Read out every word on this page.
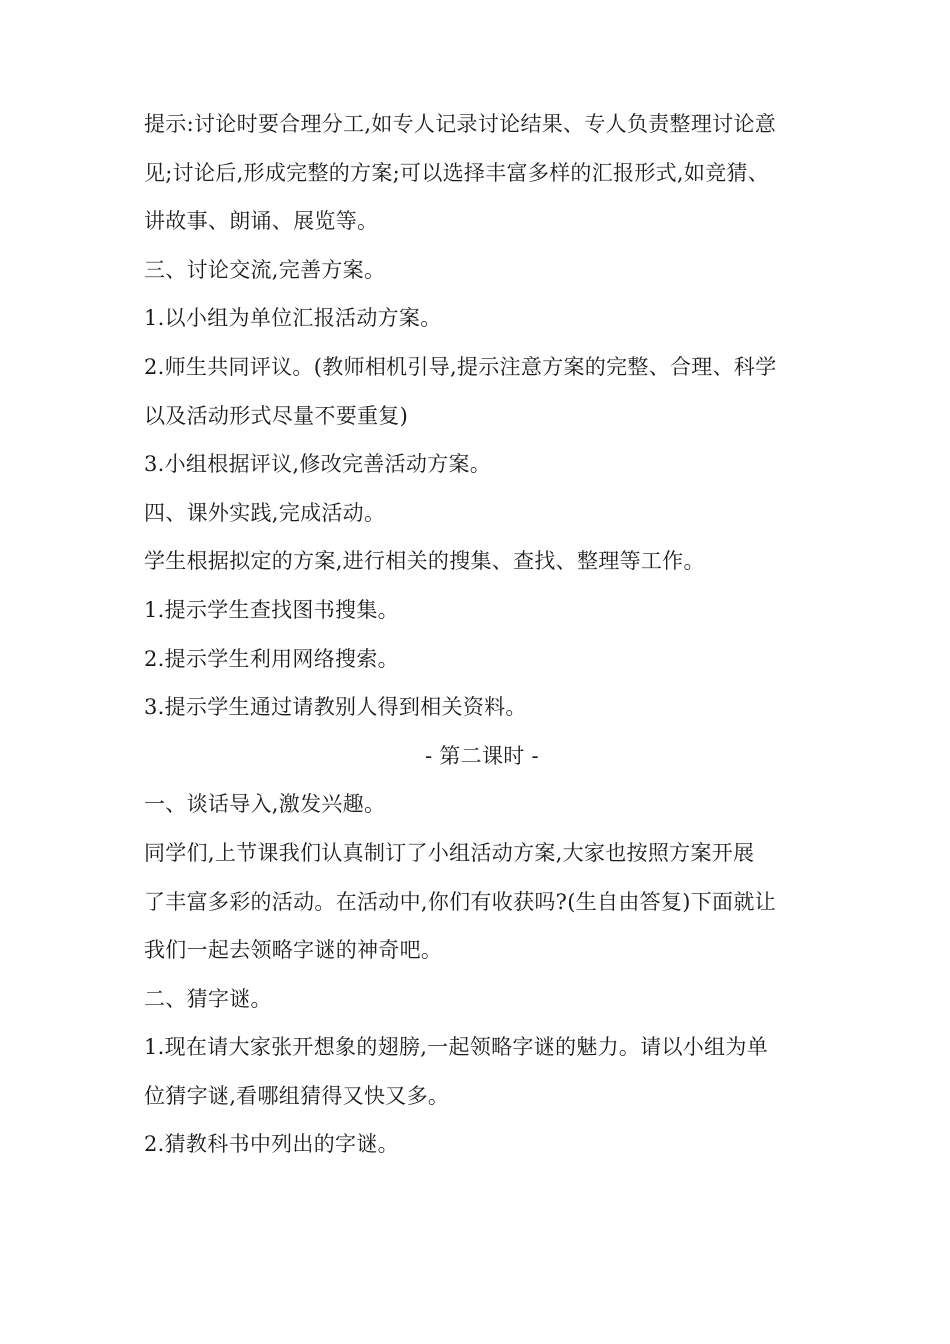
提示:讨论时要合理分工,如专人记录讨论结果、专人负责整理讨论意
见;讨论后,形成完整的方案;可以选择丰富多样的汇报形式,如竞猜、
讲故事、朗诵、展览等。
三、讨论交流,完善方案。
1.以小组为单位汇报活动方案。
2.师生共同评议。(教师相机引导,提示注意方案的完整、合理、科学
以及活动形式尽量不要重复)
3.小组根据评议,修改完善活动方案。
四、课外实践,完成活动。
学生根据拟定的方案,进行相关的搜集、查找、整理等工作。
1.提示学生查找图书搜集。
2.提示学生利用网络搜索。
3.提示学生通过请教别人得到相关资料。
- 第二课时 -
一、谈话导入,激发兴趣。
同学们,上节课我们认真制订了小组活动方案,大家也按照方案开展
了丰富多彩的活动。在活动中,你们有收获吗?(生自由答复)下面就让
我们一起去领略字谜的神奇吧。
二、猜字谜。
1.现在请大家张开想象的翅膀,一起领略字谜的魅力。请以小组为单
位猜字谜,看哪组猜得又快又多。
2.猜教科书中列出的字谜。
